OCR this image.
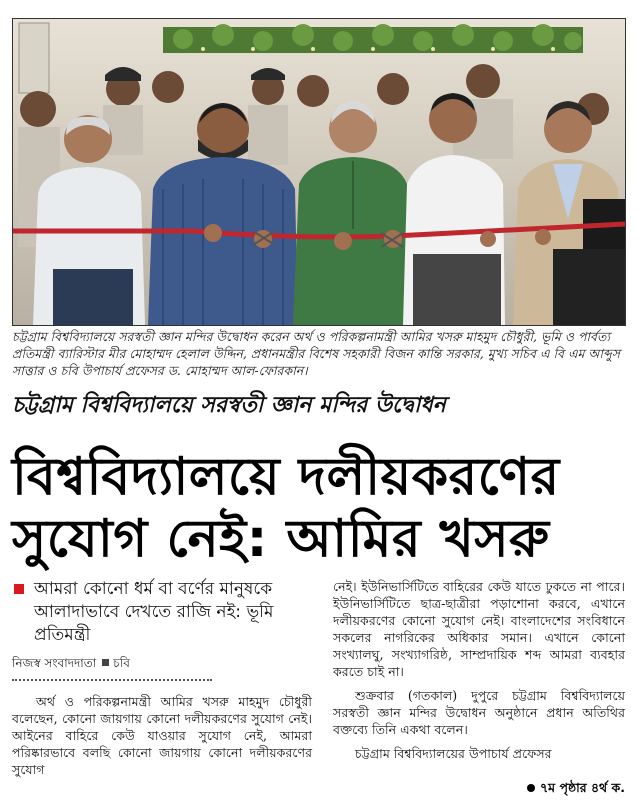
চট্টগ্রাম বিশ্ববিদ্যালয়ে সরস্বতী জ্ঞান মন্দির উদ্বোধন করেন অর্থ ও পরিকল্পনামন্ত্রী আমির খসরু মাহমুদ চৌধুরী, ভূমি ও পার্বত্য প্রতিমন্ত্রী ব্যারিস্টার মীর মোহাম্মদ হেলাল উদ্দিন, প্রধানমন্ত্রীর বিশেষ সহকারী বিজন কান্তি সরকার, মুখ্য সচিব এ বি এম আব্দুস সাত্তার ও চবি উপাচার্য প্রফেসর ড. মোহাম্মদ আল-ফোরকান।
চট্টগ্রাম বিশ্ববিদ্যালয়ে সরস্বতী জ্ঞান মন্দির উদ্বোধন
বিশ্ববিদ্যালয়ে দলীয়করণের
সুযোগ নেই: আমির খসরু
আমরা কোনো ধর্ম বা বর্ণের মানুষকে আলাদাভাবে দেখতে রাজি নই: ভূমি প্রতিমন্ত্রী
নিজস্ব সংবাদদাতা চবি
অর্থ ও পরিকল্পনামন্ত্রী আমির খসরু মাহমুদ চৌধুরী বলেছেন, কোনো জায়গায় কোনো দলীয়করণের সুযোগ নেই। আইনের বাহিরে কেউ যাওয়ার সুযোগ নেই, আমরা পরিষ্কারভাবে বলছি কোনো জায়গায় কোনো দলীয়করণের সুযোগ

নেই। ইউনিভার্সিটিতে বাহিরের কেউ যাতে ঢুকতে না পারে। ইউনিভার্সিটিতে ছাত্র-ছাত্রীরা পড়াশোনা করবে, এখানে দলীয়করণের কোনো সুযোগ নেই। বাংলাদেশের সংবিধানে সকলের নাগরিকের অধিকার সমান। এখানে কোনো সংখ্যালঘু, সংখ্যাগরিষ্ঠ, সাম্প্রদায়িক শব্দ আমরা ব্যবহার করতে চাই না।

শুক্রবার (গতকাল) দুপুরে চট্টগ্রাম বিশ্ববিদ্যালয়ে সরস্বতী জ্ঞান মন্দির উদ্বোধন অনুষ্ঠানে প্রধান অতিথির বক্তব্যে তিনি একথা বলেন।

চট্টগ্রাম বিশ্ববিদ্যালয়ের উপাচার্য প্রফেসর

৭ম পৃষ্ঠার ৪র্থ ক.
